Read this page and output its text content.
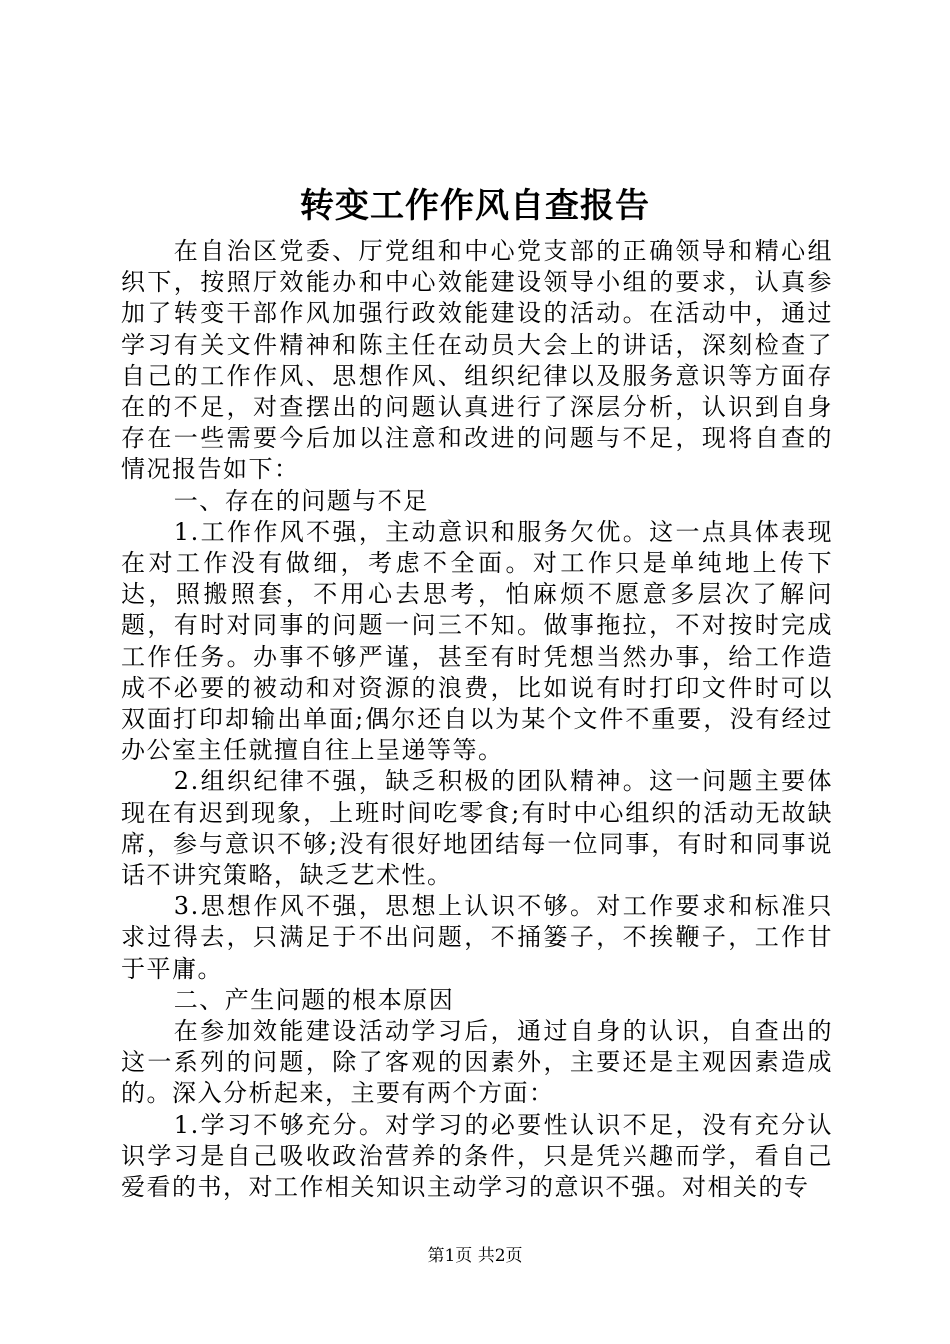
转变工作作风自查报告

在自治区党委、厅党组和中心党支部的正确领导和精心组织下，按照厅效能办和中心效能建设领导小组的要求，认真参加了转变干部作风加强行政效能建设的活动。在活动中，通过学习有关文件精神和陈主任在动员大会上的讲话，深刻检查了自己的工作作风、思想作风、组织纪律以及服务意识等方面存在的不足，对查摆出的问题认真进行了深层分析，认识到自身存在一些需要今后加以注意和改进的问题与不足，现将自查的情况报告如下：

一、存在的问题与不足

1.工作作风不强，主动意识和服务欠优。这一点具体表现在对工作没有做细，考虑不全面。对工作只是单纯地上传下达，照搬照套，不用心去思考，怕麻烦不愿意多层次了解问题，有时对同事的问题一问三不知。做事拖拉，不对按时完成工作任务。办事不够严谨，甚至有时凭想当然办事，给工作造成不必要的被动和对资源的浪费，比如说有时打印文件时可以双面打印却输出单面;偶尔还自以为某个文件不重要，没有经过办公室主任就擅自往上呈递等等。

2.组织纪律不强，缺乏积极的团队精神。这一问题主要体现在有迟到现象，上班时间吃零食;有时中心组织的活动无故缺席，参与意识不够;没有很好地团结每一位同事，有时和同事说话不讲究策略，缺乏艺术性。

3.思想作风不强，思想上认识不够。对工作要求和标准只求过得去，只满足于不出问题，不捅篓子，不挨鞭子，工作甘于平庸。

二、产生问题的根本原因

在参加效能建设活动学习后，通过自身的认识，自查出的这一系列的问题，除了客观的因素外，主要还是主观因素造成的。深入分析起来，主要有两个方面：

1.学习不够充分。对学习的必要性认识不足，没有充分认识学习是自己吸收政治营养的条件，只是凭兴趣而学，看自己爱看的书，对工作相关知识主动学习的意识不强。对相关的专

第1页 共2页
